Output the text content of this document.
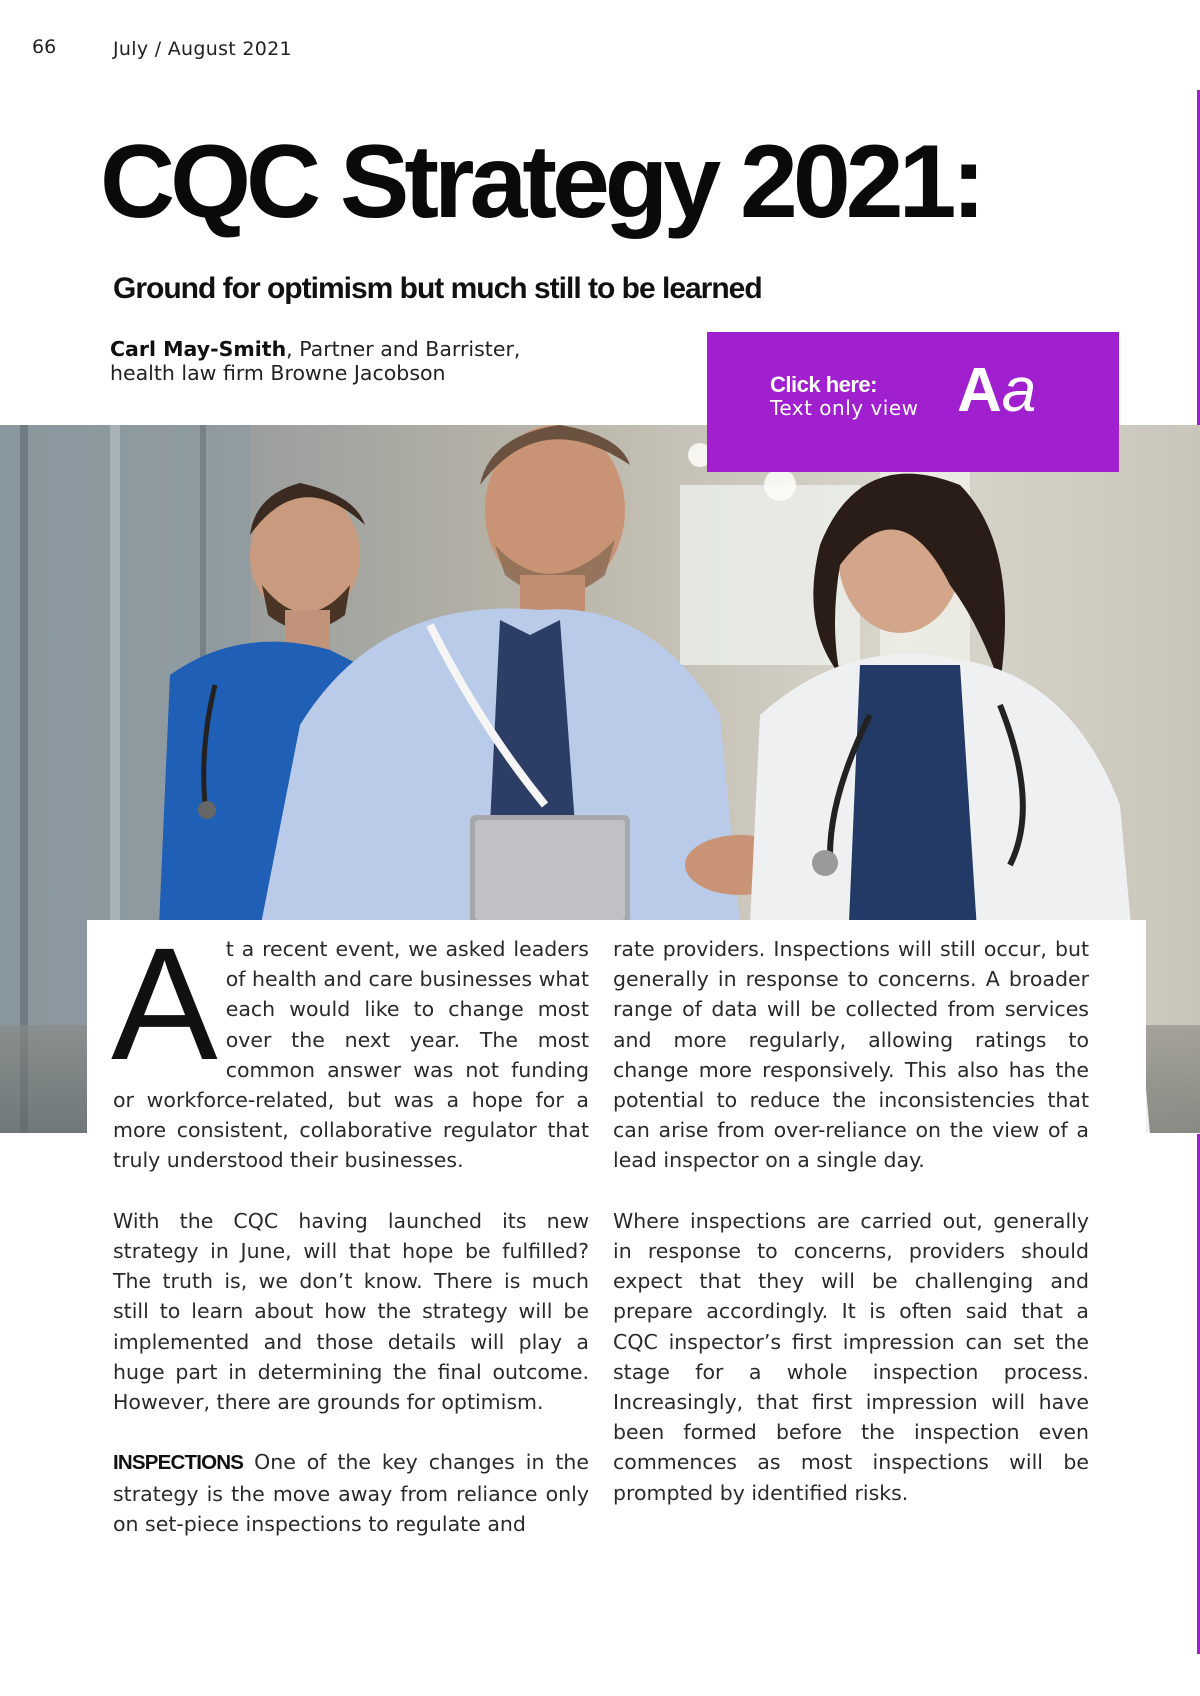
66	July / August 2021
CQC Strategy 2021:
Ground for optimism but much still to be learned
Carl May-Smith, Partner and Barrister,
health law firm Browne Jacobson	Click here:
Text only view Aa

At a recent event, we asked leaders of health and care businesses what each would like to change most over the next year. The most common answer was not funding or workforce-related, but was a hope for a more consistent, collaborative regulator that truly understood their businesses.

With the CQC having launched its new strategy in June, will that hope be fulfilled? The truth is, we don’t know. There is much still to learn about how the strategy will be implemented and those details will play a huge part in determining the final outcome. However, there are grounds for optimism.

INSPECTIONS One of the key changes in the strategy is the move away from reliance only on set-piece inspections to regulate and

rate providers. Inspections will still occur, but generally in response to concerns. A broader range of data will be collected from services and more regularly, allowing ratings to change more responsively. This also has the potential to reduce the inconsistencies that can arise from over-reliance on the view of a lead inspector on a single day.

Where inspections are carried out, generally in response to concerns, providers should expect that they will be challenging and prepare accordingly. It is often said that a CQC inspector’s first impression can set the stage for a whole inspection process. Increasingly, that first impression will have been formed before the inspection even commences as most inspections will be prompted by identified risks.
